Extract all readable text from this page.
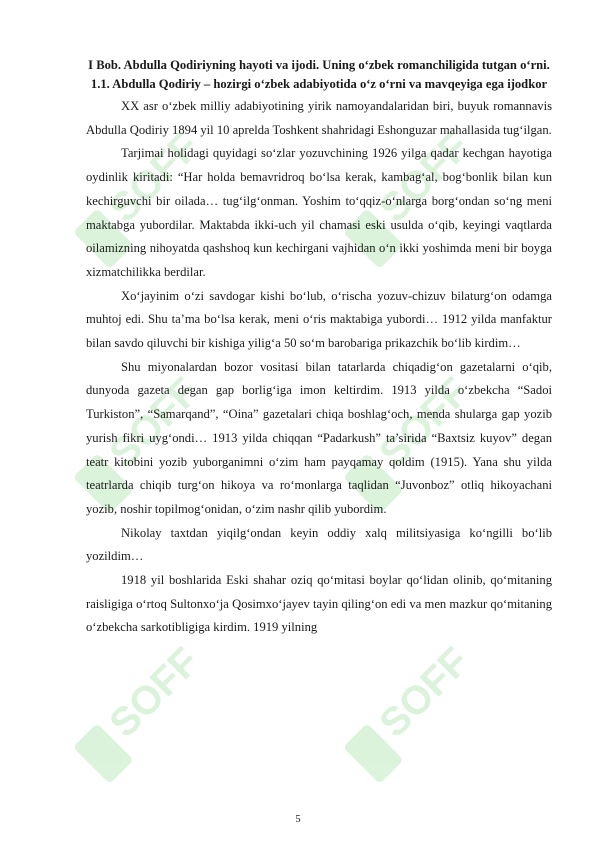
SOFF	SOFF
SOFF	SOFF
SOFF	SOFF

I Bob. Abdulla Qodiriyning hayoti va ijodi. Uning o‘zbek romanchiligida tutgan o‘rni.

1.1. Abdulla Qodiriy – hozirgi o‘zbek adabiyotida o‘z o‘rni va mavqeyiga ega ijodkor

XX asr o‘zbek milliy adabiyotining yirik namoyandalaridan biri, buyuk romannavis Abdulla Qodiriy 1894 yil 10 aprelda Toshkent shahridagi Eshonguzar mahallasida tug‘ilgan.

Tarjimai holidagi quyidagi so‘zlar yozuvchining 1926 yilga qadar kechgan hayotiga oydinlik kiritadi: “Har holda bemavridroq bo‘lsa kerak, kambag‘al, bog‘bonlik bilan kun kechirguvchi bir oilada… tug‘ilg‘onman. Yoshim to‘qqiz-o‘nlarga borg‘ondan so‘ng meni maktabga yubordilar. Maktabda ikki-uch yil chamasi eski usulda o‘qib, keyingi vaqtlarda oilamizning nihoyatda qashshoq kun kechirgani vajhidan o‘n ikki yoshimda meni bir boyga xizmatchilikka berdilar.

Xo‘jayinim o‘zi savdogar kishi bo‘lub, o‘rischa yozuv-chizuv bilaturg‘on odamga muhtoj edi. Shu ta’ma bo‘lsa kerak, meni o‘ris maktabiga yubordi… 1912 yilda manfaktur bilan savdo qiluvchi bir kishiga yilig‘a 50 so‘m barobariga prikazchik bo‘lib kirdim…

Shu miyonalardan bozor vositasi bilan tatarlarda chiqadig‘on gazetalarni o‘qib, dunyoda gazeta degan gap borlig‘iga imon keltirdim. 1913 yilda o‘zbekcha “Sadoi Turkiston”, “Samarqand”, “Oina” gazetalari chiqa boshlag‘och, menda shularga gap yozib yurish fikri uyg‘ondi… 1913 yilda chiqqan “Padarkush” ta’sirida “Baxtsiz kuyov” degan teatr kitobini yozib yuborganimni o‘zim ham payqamay qoldim (1915). Yana shu yilda teatrlarda chiqib turg‘on hikoya va ro‘monlarga taqlidan “Juvonboz” otliq hikoyachani yozib, noshir topilmog‘onidan, o‘zim nashr qilib yubordim.

Nikolay taxtdan yiqilg‘ondan keyin oddiy xalq militsiyasiga ko‘ngilli bo‘lib yozildim…

1918 yil boshlarida Eski shahar oziq qo‘mitasi boylar qo‘lidan olinib, qo‘mitaning raisligiga o‘rtoq Sultonxo‘ja Qosimxo‘jayev tayin qiling‘on edi va men mazkur qo‘mitaning o‘zbekcha sarkotibligiga kirdim. 1919 yilning

5
